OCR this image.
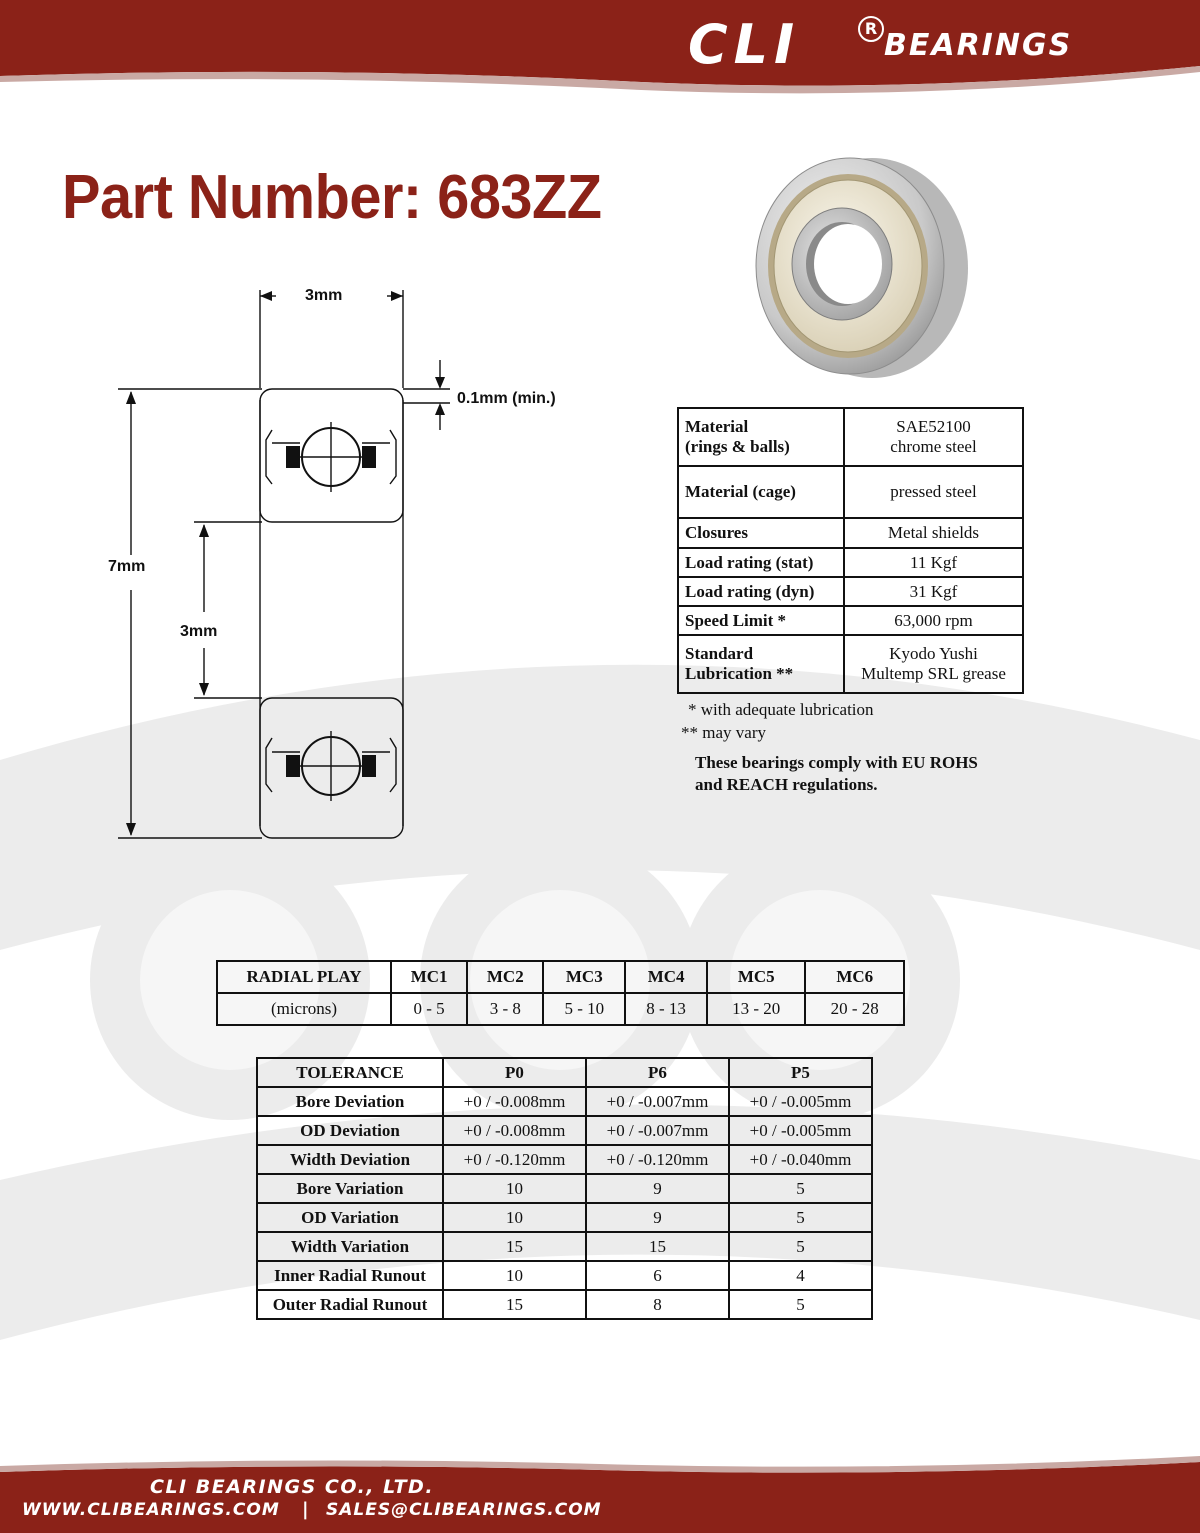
CLI	R BEARINGS
Part Number: 683ZZ
3mm
0.1mm (min.)
7mm
3mm
Material
(rings & balls)	SAE52100
chrome steel
Material (cage)	pressed steel
Closures	Metal shields
Load rating (stat)	11 Kgf
Load rating (dyn)	31 Kgf
Speed Limit *	63,000 rpm
Standard
Lubrication **	Kyodo Yushi
Multemp SRL grease
* with adequate lubrication
** may vary
These bearings comply with EU ROHS
and REACH regulations.
RADIAL PLAY	MC1	MC2	MC3	MC4	MC5	MC6
(microns)	0 - 5	3 - 8	5 - 10	8 - 13	13 - 20	20 - 28
TOLERANCE	P0	P6	P5
Bore Deviation	+0 / -0.008mm	+0 / -0.007mm	+0 / -0.005mm
OD Deviation	+0 / -0.008mm	+0 / -0.007mm	+0 / -0.005mm
Width Deviation	+0 / -0.120mm	+0 / -0.120mm	+0 / -0.040mm
Bore Variation	10	9	5
OD Variation	10	9	5
Width Variation	15	15	5
Inner Radial Runout	10	6	4
Outer Radial Runout	15	8	5
CLI BEARINGS CO., LTD.
WWW.CLIBEARINGS.COM | SALES@CLIBEARINGS.COM
